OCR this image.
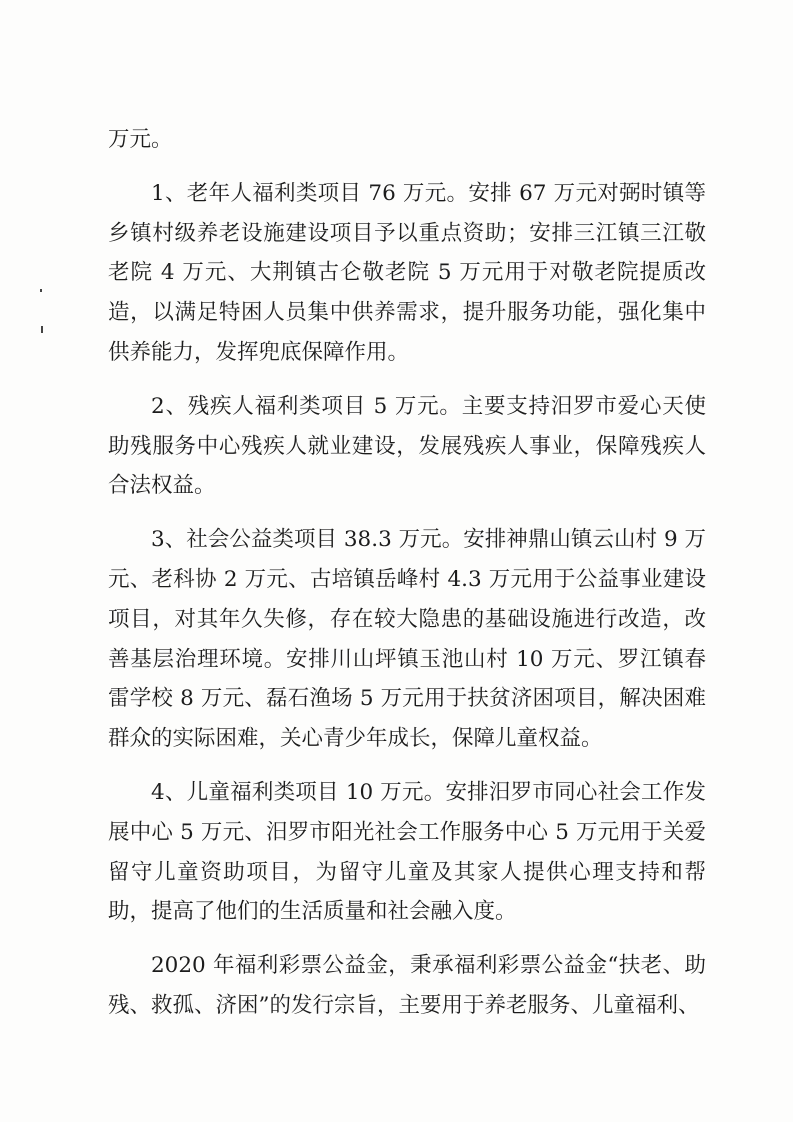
万元。

1、老年人福利类项目 76 万元。安排 67 万元对弼时镇等乡镇村级养老设施建设项目予以重点资助；安排三江镇三江敬老院 4 万元、大荆镇古仑敬老院 5 万元用于对敬老院提质改造，以满足特困人员集中供养需求，提升服务功能，强化集中供养能力，发挥兜底保障作用。

2、残疾人福利类项目 5 万元。主要支持汨罗市爱心天使助残服务中心残疾人就业建设，发展残疾人事业，保障残疾人合法权益。

3、社会公益类项目 38.3 万元。安排神鼎山镇云山村 9 万元、老科协 2 万元、古培镇岳峰村 4.3 万元用于公益事业建设项目，对其年久失修，存在较大隐患的基础设施进行改造，改善基层治理环境。安排川山坪镇玉池山村 10 万元、罗江镇春雷学校 8 万元、磊石渔场 5 万元用于扶贫济困项目，解决困难群众的实际困难，关心青少年成长，保障儿童权益。

4、儿童福利类项目 10 万元。安排汨罗市同心社会工作发展中心 5 万元、汨罗市阳光社会工作服务中心 5 万元用于关爱留守儿童资助项目，为留守儿童及其家人提供心理支持和帮助，提高了他们的生活质量和社会融入度。

2020 年福利彩票公益金，秉承福利彩票公益金“扶老、助残、救孤、济困”的发行宗旨，主要用于养老服务、儿童福利、
